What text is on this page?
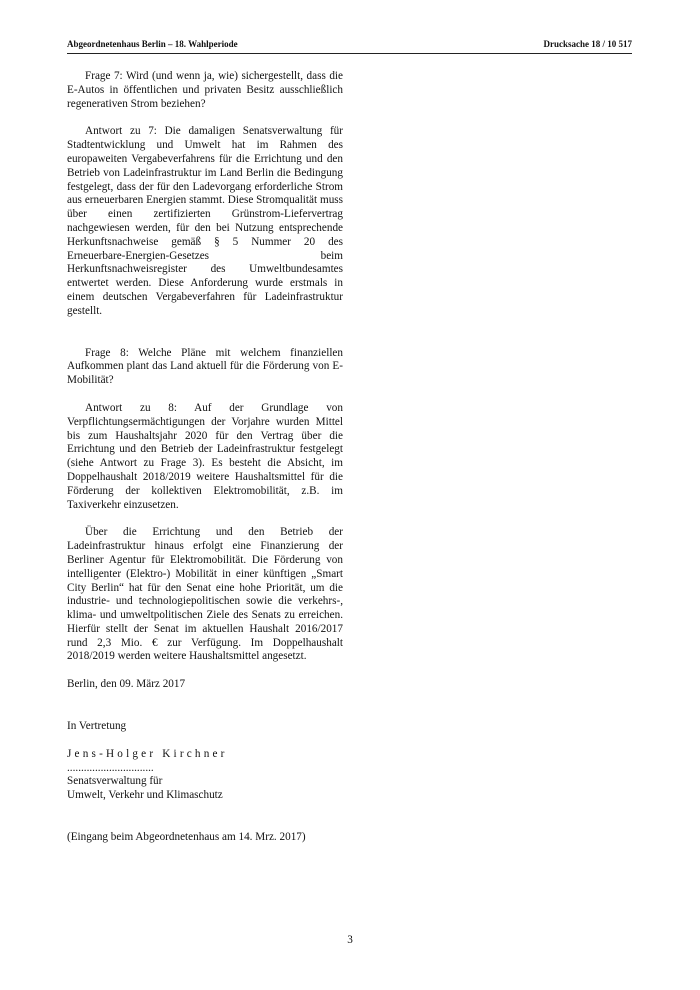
Abgeordnetenhaus Berlin – 18. Wahlperiode	Drucksache 18 / 10 517

Frage 7: Wird (und wenn ja, wie) sichergestellt, dass die E-Autos in öffentlichen und privaten Besitz ausschließlich regenerativen Strom beziehen?

Antwort zu 7: Die damaligen Senatsverwaltung für Stadtentwicklung und Umwelt hat im Rahmen des europaweiten Vergabeverfahrens für die Errichtung und den Betrieb von Ladeinfrastruktur im Land Berlin die Bedingung festgelegt, dass der für den Ladevorgang erforderliche Strom aus erneuerbaren Energien stammt. Diese Stromqualität muss über einen zertifizierten Grünstrom-Liefervertrag nachgewiesen werden, für den bei Nutzung entsprechende Herkunftsnachweise gemäß § 5 Nummer 20 des Erneuerbare-Energien-Gesetzes beim Herkunftsnachweisregister des Umweltbundesamtes entwertet werden. Diese Anforderung wurde erstmals in einem deutschen Vergabeverfahren für Ladeinfrastruktur gestellt.

Frage 8: Welche Pläne mit welchem finanziellen Aufkommen plant das Land aktuell für die Förderung von E-Mobilität?

Antwort zu 8: Auf der Grundlage von Verpflichtungsermächtigungen der Vorjahre wurden Mittel bis zum Haushaltsjahr 2020 für den Vertrag über die Errichtung und den Betrieb der Ladeinfrastruktur festgelegt (siehe Antwort zu Frage 3). Es besteht die Absicht, im Doppelhaushalt 2018/2019 weitere Haushaltsmittel für die Förderung der kollektiven Elektromobilität, z.B. im Taxiverkehr einzusetzen.

Über die Errichtung und den Betrieb der Ladeinfrastruktur hinaus erfolgt eine Finanzierung der Berliner Agentur für Elektromobilität. Die Förderung von intelligenter (Elektro-) Mobilität in einer künftigen „Smart City Berlin“ hat für den Senat eine hohe Priorität, um die industrie- und technologiepolitischen sowie die verkehrs-, klima- und umweltpolitischen Ziele des Senats zu erreichen. Hierfür stellt der Senat im aktuellen Haushalt 2016/2017 rund 2,3 Mio. € zur Verfügung. Im Doppelhaushalt 2018/2019 werden weitere Haushaltsmittel angesetzt.

Berlin, den 09. März 2017

In Vertretung

Jens-Holger Kirchner

...............................

Senatsverwaltung für

Umwelt, Verkehr und Klimaschutz

(Eingang beim Abgeordnetenhaus am 14. Mrz. 2017)

3
